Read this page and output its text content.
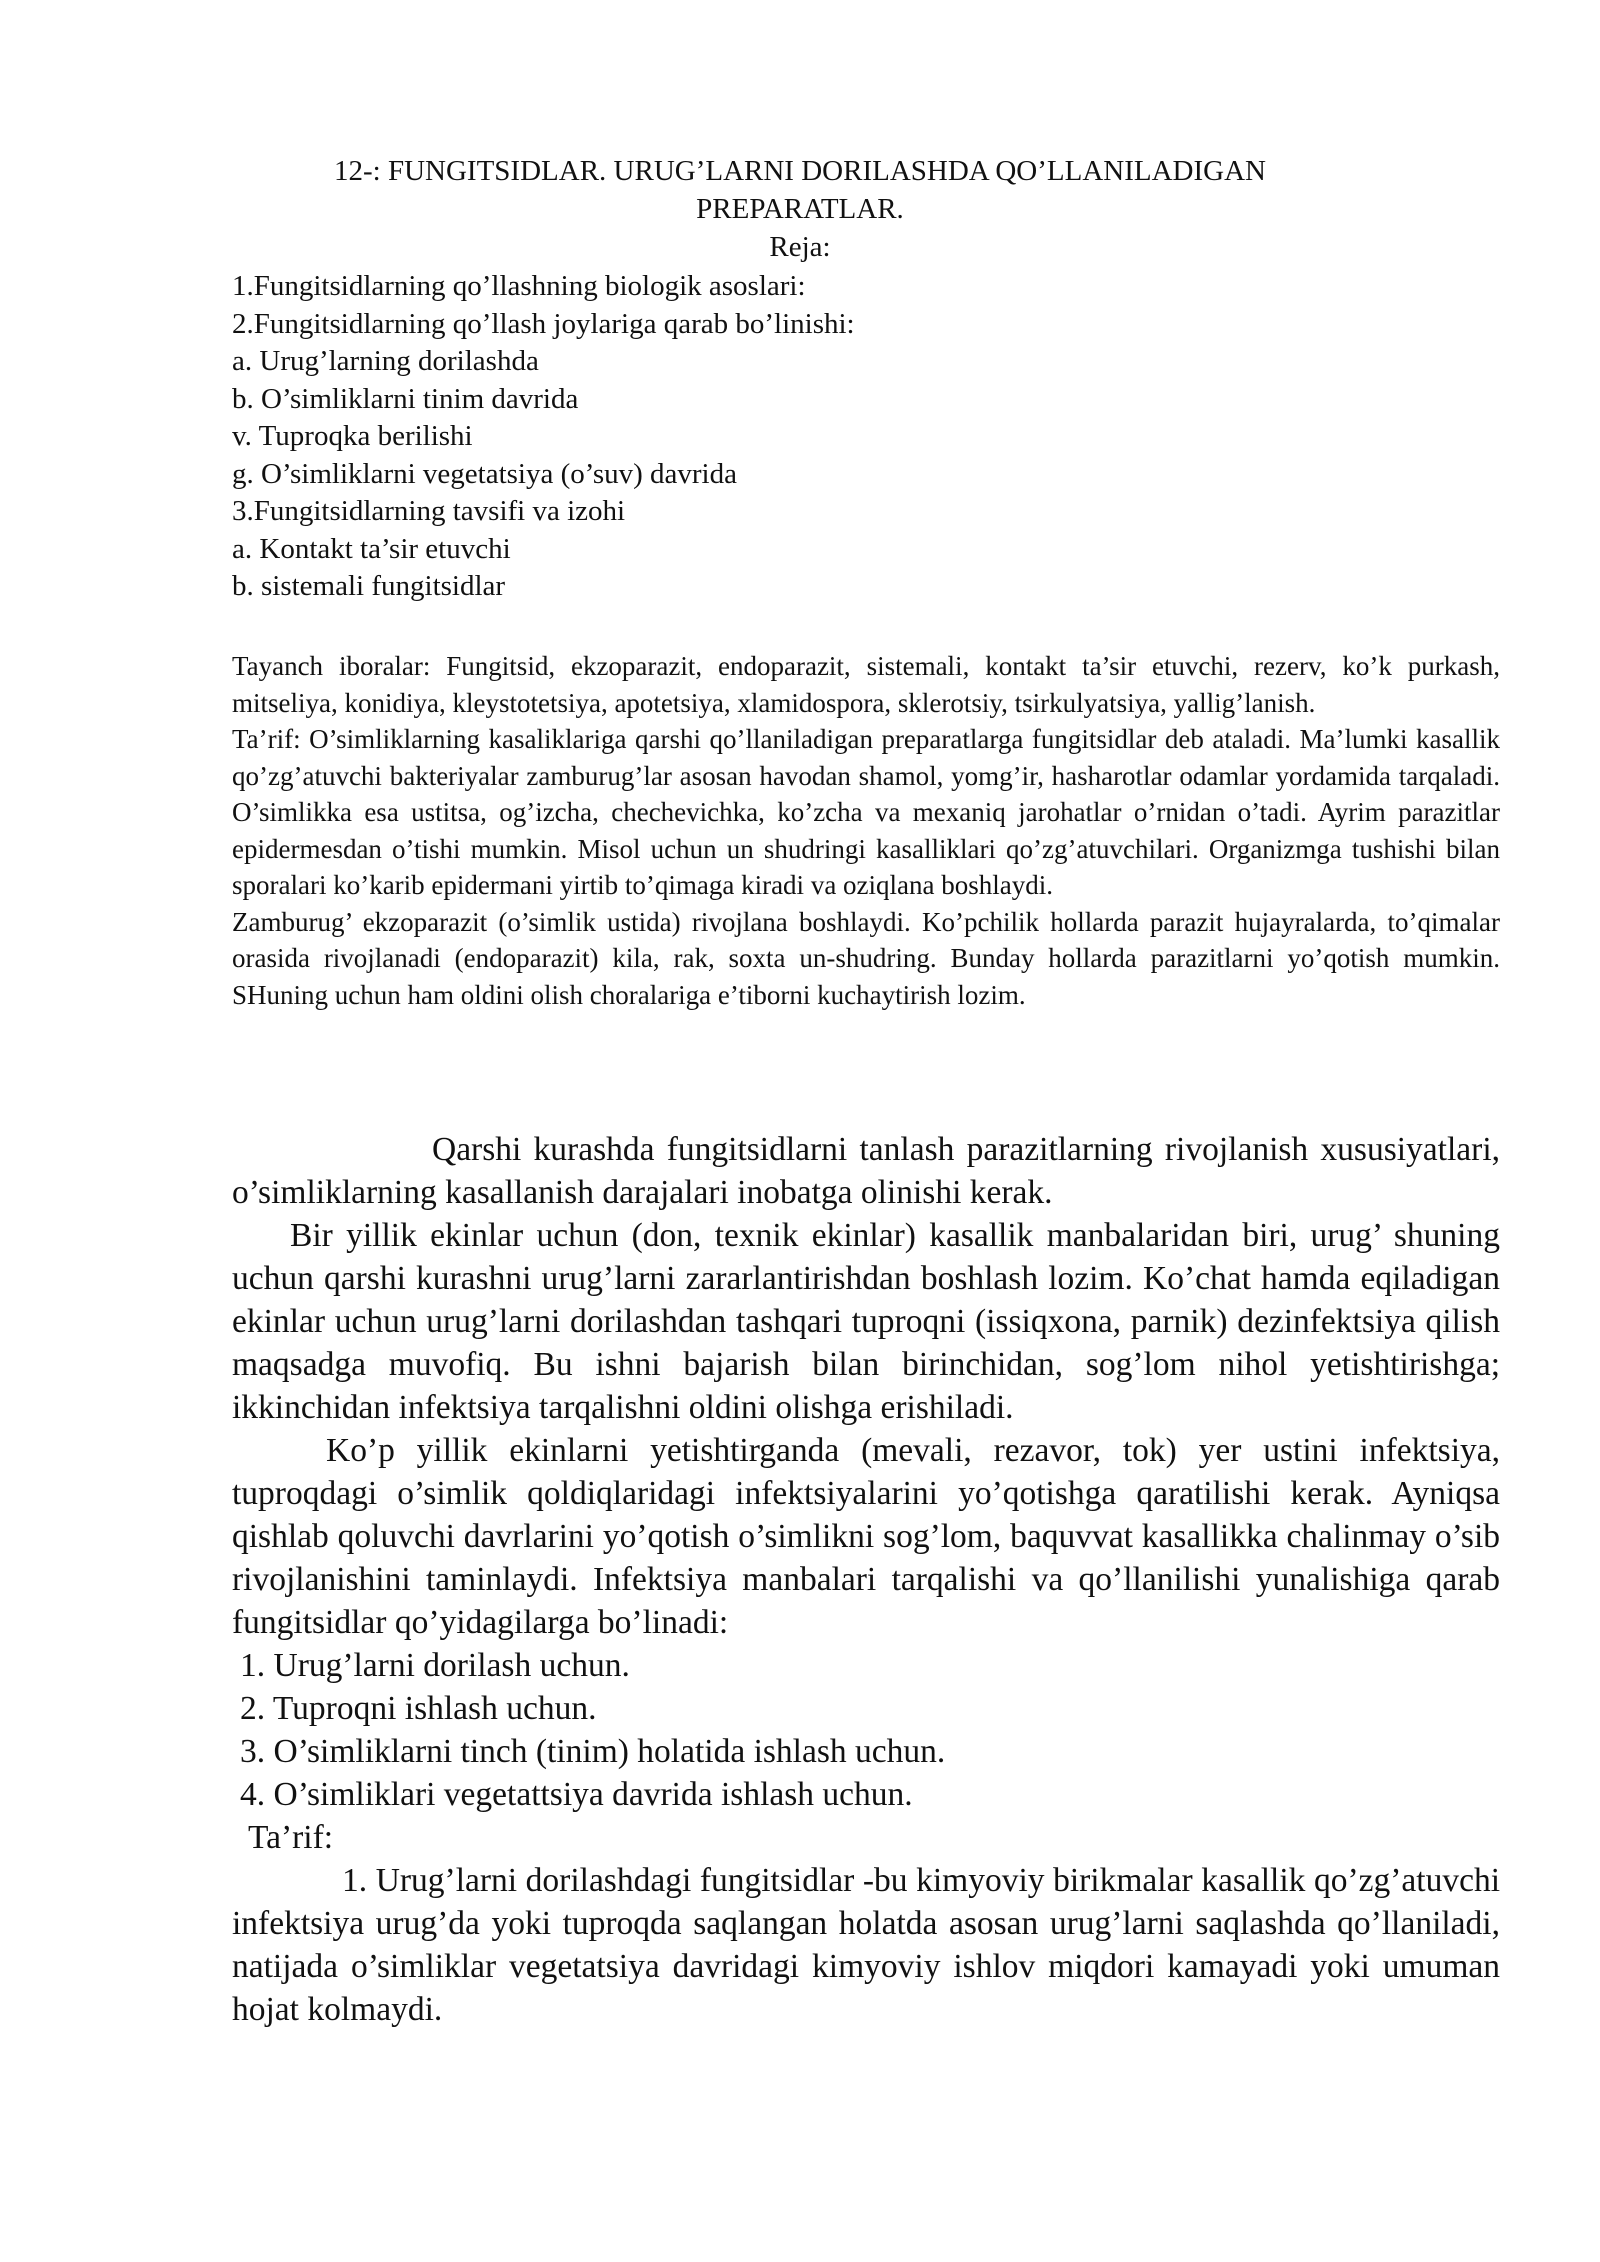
12-: FUNGITSIDLAR. URUG’LARNI DORILASHDA QO’LLANILADIGAN
PREPARATLAR.
Reja:
1.Fungitsidlarning qo’llashning biologik asoslari:
2.Fungitsidlarning qo’llash joylariga qarab bo’linishi:
a. Urug’larning dorilashda
b. O’simliklarni tinim davrida
v. Tuproqka berilishi
g. O’simliklarni vegetatsiya (o’suv) davrida
3.Fungitsidlarning tavsifi va izohi
a. Kontakt ta’sir etuvchi
b. sistemali fungitsidlar

Tayanch iboralar: Fungitsid, ekzoparazit, endoparazit, sistemali, kontakt ta’sir etuvchi, rezerv, ko’k purkash, mitseliya, konidiya, kleystotetsiya, apotetsiya, xlamidospora, sklerotsiy, tsirkulyatsiya, yallig’lanish.

Ta’rif: O’simliklarning kasaliklariga qarshi qo’llaniladigan preparatlarga fungitsidlar deb ataladi. Ma’lumki kasallik qo’zg’atuvchi bakteriyalar zamburug’lar asosan havodan shamol, yomg’ir, hasharotlar odamlar yordamida tarqaladi. O’simlikka esa ustitsa, og’izcha, chechevichka, ko’zcha va mexaniq jarohatlar o’rnidan o’tadi. Ayrim parazitlar epidermesdan o’tishi mumkin. Misol uchun un shudringi kasalliklari qo’zg’atuvchilari. Organizmga tushishi bilan sporalari ko’karib epidermani yirtib to’qimaga kiradi va oziqlana boshlaydi.

Zamburug’ ekzoparazit (o’simlik ustida) rivojlana boshlaydi. Ko’pchilik hollarda parazit hujayralarda, to’qimalar orasida rivojlanadi (endoparazit) kila, rak, soxta un-shudring. Bunday hollarda parazitlarni yo’qotish mumkin. SHuning uchun ham oldini olish choralariga e’tiborni kuchaytirish lozim.

Qarshi kurashda fungitsidlarni tanlash parazitlarning rivojlanish xususiyatlari, o’simliklarning kasallanish darajalari inobatga olinishi kerak.

Bir yillik ekinlar uchun (don, texnik ekinlar) kasallik manbalaridan biri, urug’ shuning uchun qarshi kurashni urug’larni zararlantirishdan boshlash lozim. Ko’chat hamda eqiladigan ekinlar uchun urug’larni dorilashdan tashqari tuproqni (issiqxona, parnik) dezinfektsiya qilish maqsadga muvofiq. Bu ishni bajarish bilan birinchidan, sog’lom nihol yetishtirishga; ikkinchidan infektsiya tarqalishni oldini olishga erishiladi.

Ko’p yillik ekinlarni yetishtirganda (mevali, rezavor, tok) yer ustini infektsiya, tuproqdagi o’simlik qoldiqlaridagi infektsiyalarini yo’qotishga qaratilishi kerak. Ayniqsa qishlab qoluvchi davrlarini yo’qotish o’simlikni sog’lom, baquvvat kasallikka chalinmay o’sib rivojlanishini taminlaydi. Infektsiya manbalari tarqalishi va qo’llanilishi yunalishiga qarab fungitsidlar qo’yidagilarga bo’linadi:

1. Urug’larni dorilash uchun.

2. Tuproqni ishlash uchun.

3. O’simliklarni tinch (tinim) holatida ishlash uchun.

4. O’simliklari vegetattsiya davrida ishlash uchun.

Ta’rif:

1. Urug’larni dorilashdagi fungitsidlar -bu kimyoviy birikmalar kasallik qo’zg’atuvchi infektsiya urug’da yoki tuproqda saqlangan holatda asosan urug’larni saqlashda qo’llaniladi, natijada o’simliklar vegetatsiya davridagi kimyoviy ishlov miqdori kamayadi yoki umuman hojat kolmaydi.
